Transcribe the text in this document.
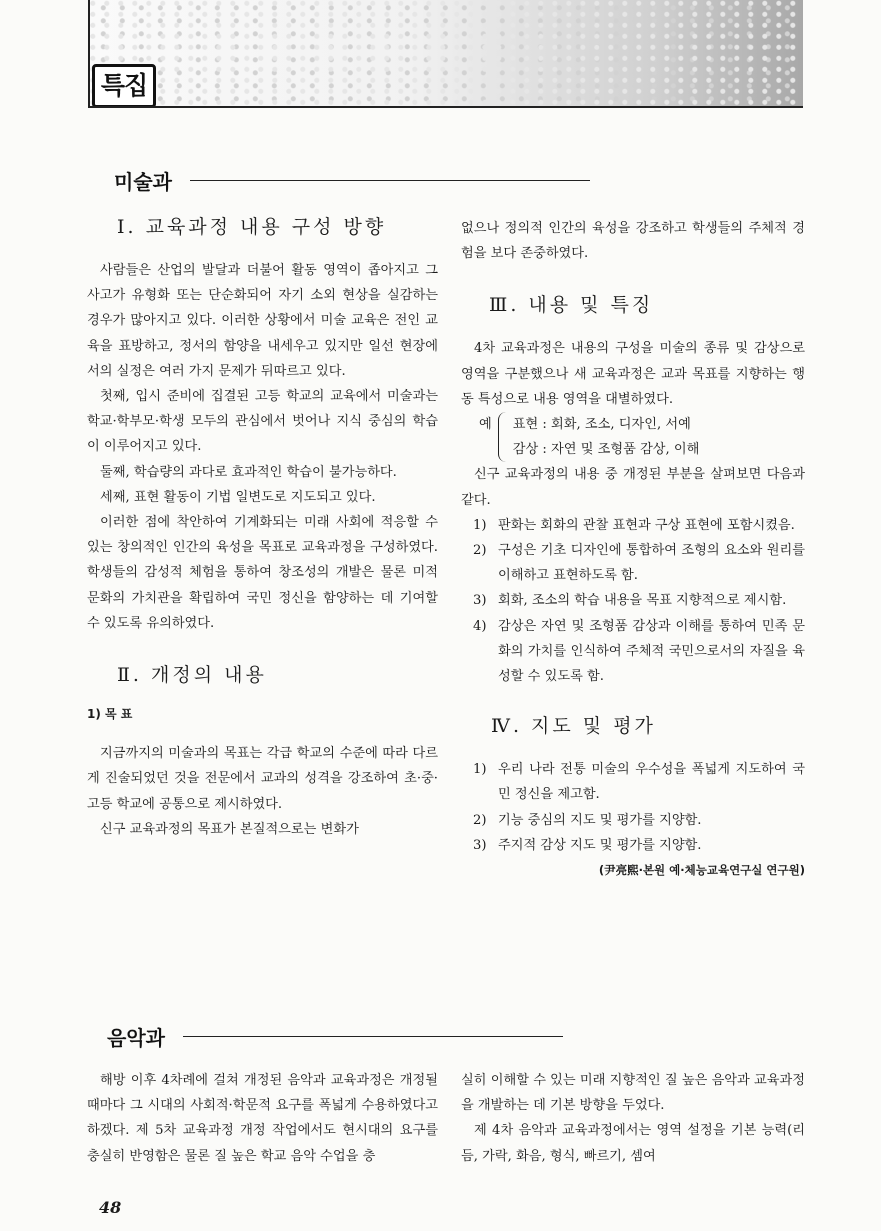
특집
미술과

Ⅰ. 교육과정 내용 구성 방향

사람들은 산업의 발달과 더불어 활동 영역이 좁아지고 그 사고가 유형화 또는 단순화되어 자기 소외 현상을 실감하는 경우가 많아지고 있다. 이러한 상황에서 미술 교육은 전인 교육을 표방하고, 정서의 함양을 내세우고 있지만 일선 현장에서의 실정은 여러 가지 문제가 뒤따르고 있다.

첫째, 입시 준비에 집결된 고등 학교의 교육에서 미술과는 학교·학부모·학생 모두의 관심에서 벗어나 지식 중심의 학습이 이루어지고 있다.

둘째, 학습량의 과다로 효과적인 학습이 불가능하다.

세째, 표현 활동이 기법 일변도로 지도되고 있다.

이러한 점에 착안하여 기계화되는 미래 사회에 적응할 수 있는 창의적인 인간의 육성을 목표로 교육과정을 구성하였다. 학생들의 감성적 체험을 통하여 창조성의 개발은 물론 미적 문화의 가치관을 확립하여 국민 정신을 함양하는 데 기여할 수 있도록 유의하였다.

Ⅱ. 개정의 내용

1) 목 표

지금까지의 미술과의 목표는 각급 학교의 수준에 따라 다르게 진술되었던 것을 전문에서 교과의 성격을 강조하여 초·중·고등 학교에 공통으로 제시하였다.

신구 교육과정의 목표가 본질적으로는 변화가

없으나 정의적 인간의 육성을 강조하고 학생들의 주체적 경험을 보다 존중하였다.

Ⅲ. 내용 및 특징

4차 교육과정은 내용의 구성을 미술의 종류 및 감상으로 영역을 구분했으나 새 교육과정은 교과 목표를 지향하는 행동 특성으로 내용 영역을 대별하였다.

예 표현 : 회화, 조소, 디자인, 서예
감상 : 자연 및 조형품 감상, 이해

신구 교육과정의 내용 중 개정된 부분을 살펴보면 다음과 같다.

1) 판화는 회화의 관찰 표현과 구상 표현에 포함시켰음.
2) 구성은 기초 디자인에 통합하여 조형의 요소와 원리를 이해하고 표현하도록 함.
3) 회화, 조소의 학습 내용을 목표 지향적으로 제시함.
4) 감상은 자연 및 조형품 감상과 이해를 통하여 민족 문화의 가치를 인식하여 주체적 국민으로서의 자질을 육성할 수 있도록 함.

Ⅳ. 지도 및 평가

1) 우리 나라 전통 미술의 우수성을 폭넓게 지도하여 국민 정신을 제고함.
2) 기능 중심의 지도 및 평가를 지양함.
3) 주지적 감상 지도 및 평가를 지양함.
(尹亮熙·본원 예·체능교육연구실 연구원)
음악과

해방 이후 4차례에 걸쳐 개정된 음악과 교육과정은 개정될 때마다 그 시대의 사회적·학문적 요구를 폭넓게 수용하였다고 하겠다. 제 5차 교육과정 개정 작업에서도 현시대의 요구를 충실히 반영함은 물론 질 높은 학교 음악 수업을 충

실히 이해할 수 있는 미래 지향적인 질 높은 음악과 교육과정을 개발하는 데 기본 방향을 두었다.

제 4차 음악과 교육과정에서는 영역 설정을 기본 능력(리듬, 가락, 화음, 형식, 빠르기, 셈여

48
